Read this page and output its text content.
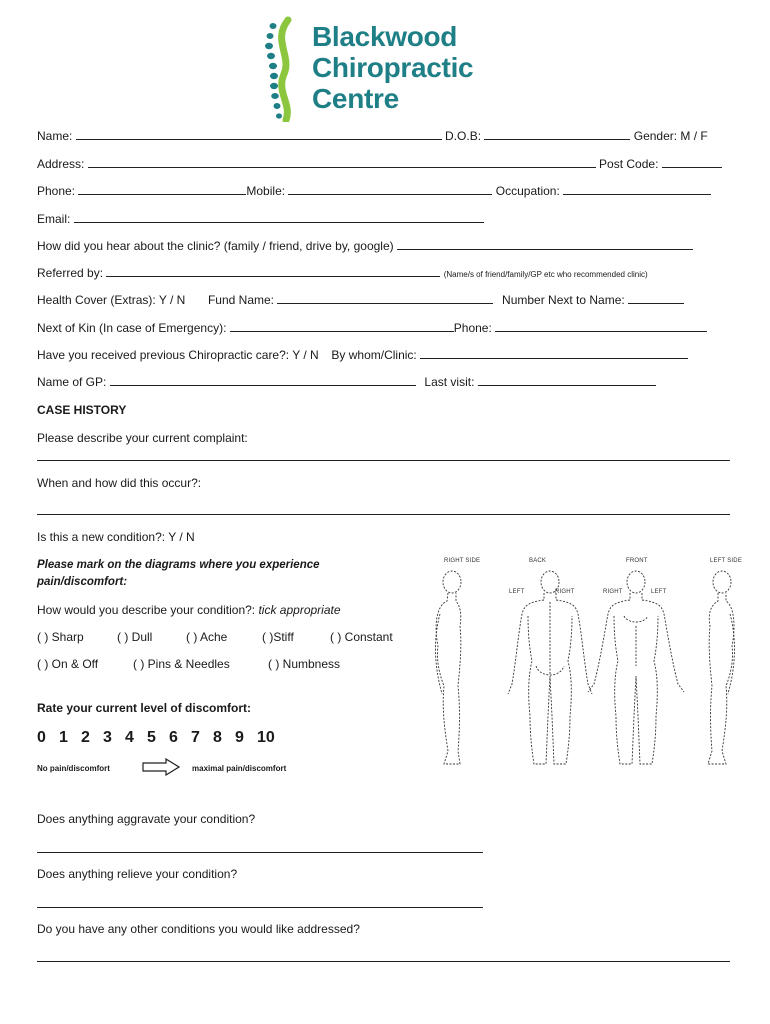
Blackwood
Chiropractic
Centre
Name:	D.O.B:	Gender: M / F
Address:	Post Code:
Phone:	Mobile:	Occupation:
Email:
How did you hear about the clinic? (family / friend, drive by, google)
Referred by:	(Name/s of friend/family/GP etc who recommended clinic)
Health Cover (Extras): Y / N Fund Name:	Number Next to Name:
Next of Kin (In case of Emergency):	Phone:
Have you received previous Chiropractic care?: Y / N By whom/Clinic:
Name of GP:	Last visit:
CASE HISTORY
Please describe your current complaint:
When and how did this occur?:
Is this a new condition?: Y / N
Please mark on the diagrams where you experience
pain/discomfort:
How would you describe your condition?: tick appropriate
( ) Sharp	( ) Dull	( ) Ache	( )Stiff	( ) Constant
( ) On & Off	( ) Pins & Needles	( ) Numbness
Rate your current level of discomfort:
0 1 2 3 4 5 6 7 8 9 10
No pain/discomfort	maximal pain/discomfort
RIGHT SIDE	BACK	FRONT	LEFT SIDE
LEFT	RIGHT	RIGHT	LEFT
Does anything aggravate your condition?
Does anything relieve your condition?
Do you have any other conditions you would like addressed?
